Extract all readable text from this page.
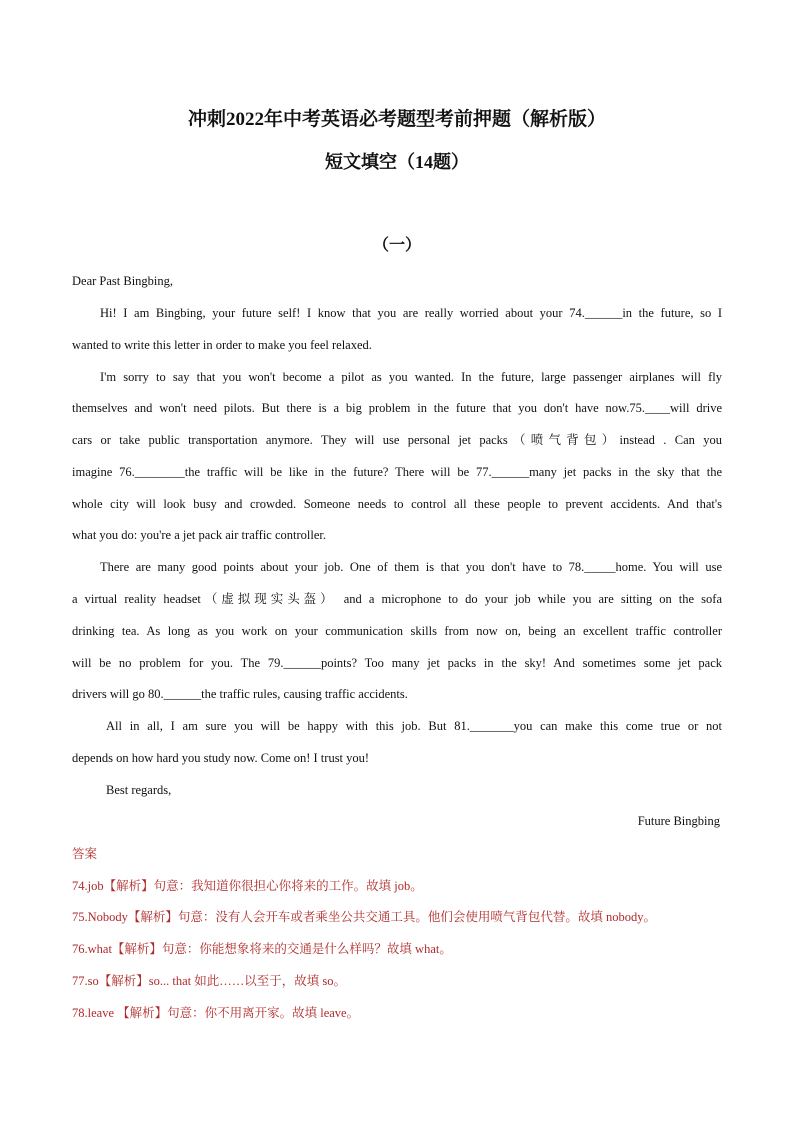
冲刺2022年中考英语必考题型考前押题（解析版）
短文填空（14题）
（一）
Dear Past Bingbing,
Hi! I am Bingbing, your future self! I know that you are really worried about your 74.______in the future, so I
wanted to write this letter in order to make you feel relaxed.
I'm sorry to say that you won't become a pilot as you wanted. In the future, large passenger airplanes will fly
themselves and won't need pilots. But there is a big problem in the future that you don't have now.75.____will drive
cars or take public transportation anymore. They will use personal jet packs（喷气背包）instead . Can you
imagine 76.________the traffic will be like in the future? There will be 77.______many jet packs in the sky that the
whole city will look busy and crowded. Someone needs to control all these people to prevent accidents. And that's
what you do: you're a jet pack air traffic controller.
There are many good points about your job. One of them is that you don't have to 78._____home. You will use
a virtual reality headset（虚拟现实头盔） and a microphone to do your job while you are sitting on the sofa
drinking tea. As long as you work on your communication skills from now on, being an excellent traffic controller
will be no problem for you. The 79.______points? Too many jet packs in the sky! And sometimes some jet pack
drivers will go 80.______the traffic rules, causing traffic accidents.
All in all, I am sure you will be happy with this job. But 81._______you can make this come true or not
depends on how hard you study now. Come on! I trust you!
Best regards,
Future Bingbing
答案
74.job【解析】句意：我知道你很担心你将来的工作。故填 job。
75.Nobody【解析】句意：没有人会开车或者乘坐公共交通工具。他们会使用喷气背包代替。故填 nobody。
76.what【解析】句意：你能想象将来的交通是什么样吗？故填 what。
77.so【解析】so... that 如此……以至于，故填 so。
78.leave 【解析】句意：你不用离开家。故填 leave。
